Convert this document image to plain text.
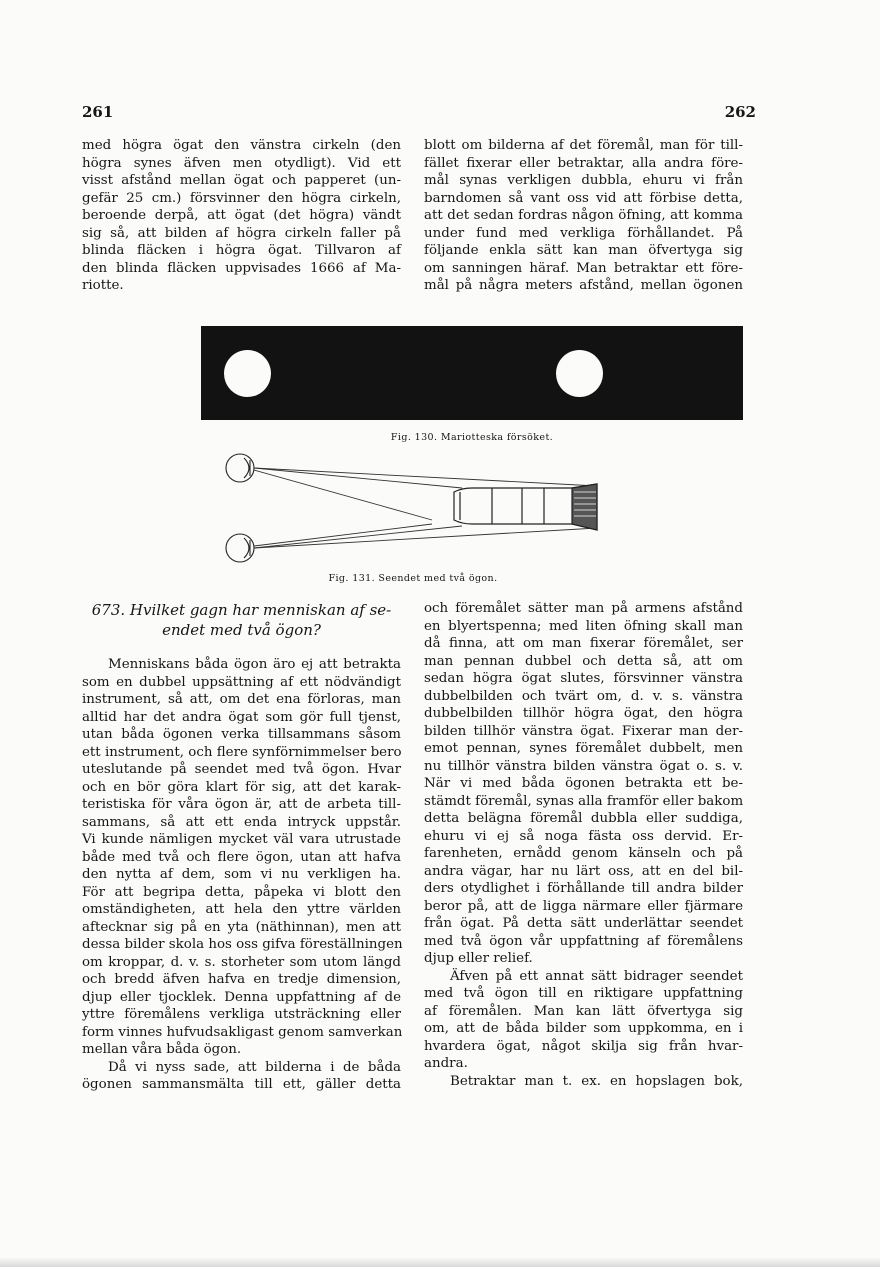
261	262
med högra ögat den vänstra cirkeln (den
högra synes äfven men otydligt). Vid ett
visst afstånd mellan ögat och papperet (un-
gefär 25 cm.) försvinner den högra cirkeln,
beroende derpå, att ögat (det högra) vändt
sig så, att bilden af högra cirkeln faller på
blinda fläcken i högra ögat. Tillvaron af
den blinda fläcken uppvisades 1666 af Ma-
riotte.
blott om bilderna af det föremål, man för till-
fället fixerar eller betraktar, alla andra före-
mål synas verkligen dubbla, ehuru vi från
barndomen så vant oss vid att förbise detta,
att det sedan fordras någon öfning, att komma
under fund med verkliga förhållandet. På
följande enkla sätt kan man öfvertyga sig
om sanningen häraf. Man betraktar ett före-
mål på några meters afstånd, mellan ögonen
Fig. 130. Mariotteska försöket.
Fig. 131. Seendet med två ögon.
673. Hvilket gagn har menniskan af se-
endet med två ögon?
Menniskans båda ögon äro ej att betrakta
som en dubbel uppsättning af ett nödvändigt
instrument, så att, om det ena förloras, man
alltid har det andra ögat som gör full tjenst,
utan båda ögonen verka tillsammans såsom
ett instrument, och flere synförnimmelser bero
uteslutande på seendet med två ögon. Hvar
och en bör göra klart för sig, att det karak-
teristiska för våra ögon är, att de arbeta till-
sammans, så att ett enda intryck uppstår.
Vi kunde nämligen mycket väl vara utrustade
både med två och flere ögon, utan att hafva
den nytta af dem, som vi nu verkligen ha.
För att begripa detta, påpeka vi blott den
omständigheten, att hela den yttre världen
aftecknar sig på en yta (näthinnan), men att
dessa bilder skola hos oss gifva föreställningen
om kroppar, d. v. s. storheter som utom längd
och bredd äfven hafva en tredje dimension,
djup eller tjocklek. Denna uppfattning af de
yttre föremålens verkliga utsträckning eller
form vinnes hufvudsakligast genom samverkan
mellan våra båda ögon.
Då vi nyss sade, att bilderna i de båda
ögonen sammansmälta till ett, gäller detta
och föremålet sätter man på armens afstånd
en blyertspenna; med liten öfning skall man
då finna, att om man fixerar föremålet, ser
man pennan dubbel och detta så, att om
sedan högra ögat slutes, försvinner vänstra
dubbelbilden och tvärt om, d. v. s. vänstra
dubbelbilden tillhör högra ögat, den högra
bilden tillhör vänstra ögat. Fixerar man der-
emot pennan, synes föremålet dubbelt, men
nu tillhör vänstra bilden vänstra ögat o. s. v.
När vi med båda ögonen betrakta ett be-
stämdt föremål, synas alla framför eller bakom
detta belägna föremål dubbla eller suddiga,
ehuru vi ej så noga fästa oss dervid. Er-
farenheten, ernådd genom känseln och på
andra vägar, har nu lärt oss, att en del bil-
ders otydlighet i förhållande till andra bilder
beror på, att de ligga närmare eller fjärmare
från ögat. På detta sätt underlättar seendet
med två ögon vår uppfattning af föremålens
djup eller relief.
Äfven på ett annat sätt bidrager seendet
med två ögon till en riktigare uppfattning
af föremålen. Man kan lätt öfvertyga sig
om, att de båda bilder som uppkomma, en i
hvardera ögat, något skilja sig från hvar-
andra.
Betraktar man t. ex. en hopslagen bok,
